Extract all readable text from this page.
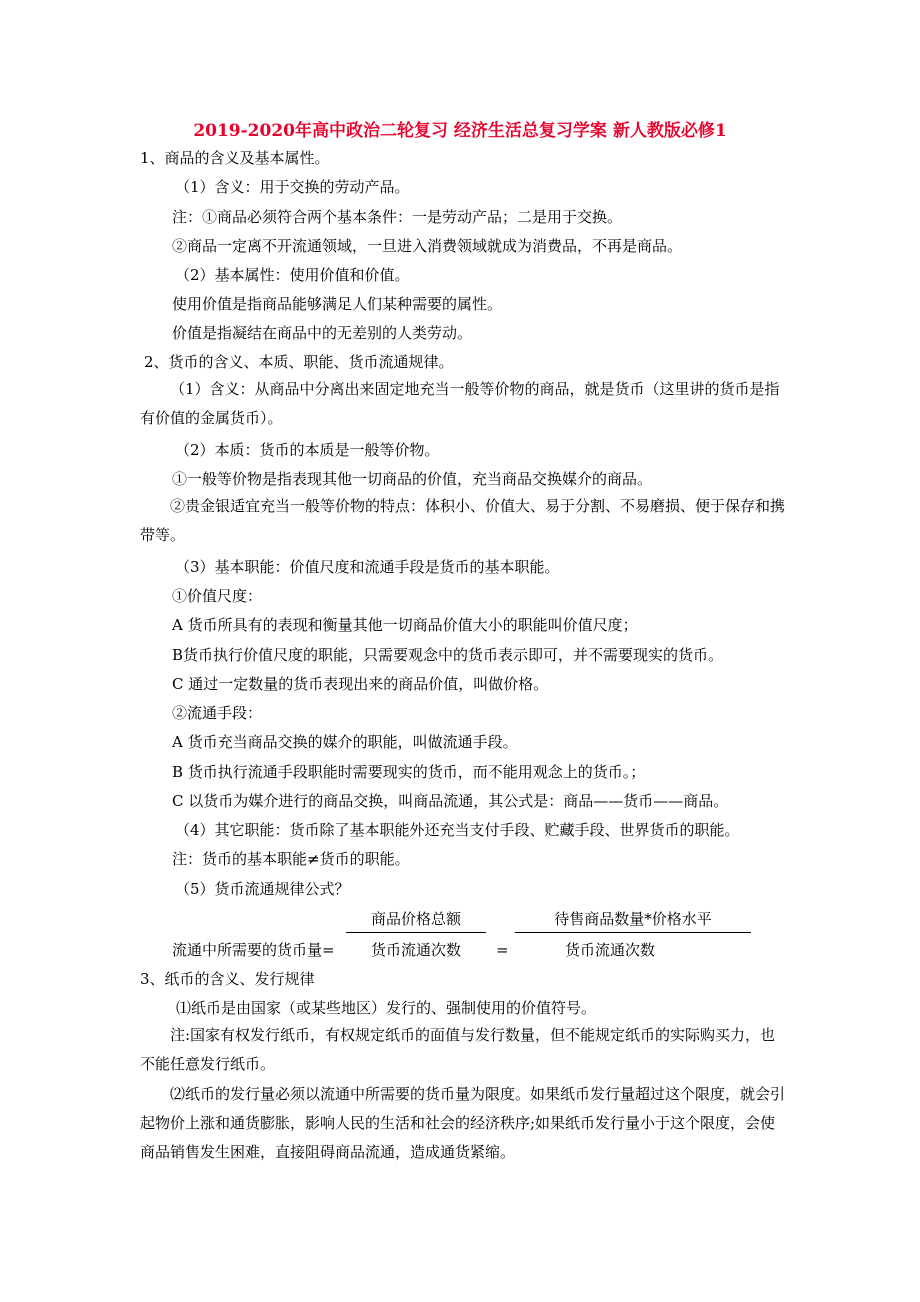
2019-2020年高中政治二轮复习 经济生活总复习学案 新人教版必修1
1、商品的含义及基本属性。
（1）含义：用于交换的劳动产品。
注：①商品必须符合两个基本条件：一是劳动产品；二是用于交换。
②商品一定离不开流通领域，一旦进入消费领域就成为消费品，不再是商品。
（2）基本属性：使用价值和价值。
使用价值是指商品能够满足人们某种需要的属性。
价值是指凝结在商品中的无差别的人类劳动。
2、货币的含义、本质、职能、货币流通规律。
（1）含义：从商品中分离出来固定地充当一般等价物的商品，就是货币（这里讲的货币是指有价值的金属货币）。
（2）本质：货币的本质是一般等价物。
①一般等价物是指表现其他一切商品的价值，充当商品交换媒介的商品。
②贵金银适宜充当一般等价物的特点：体积小、价值大、易于分割、不易磨损、便于保存和携带等。
（3）基本职能：价值尺度和流通手段是货币的基本职能。
①价值尺度：
A 货币所具有的表现和衡量其他一切商品价值大小的职能叫价值尺度；
B货币执行价值尺度的职能，只需要观念中的货币表示即可，并不需要现实的货币。
C 通过一定数量的货币表现出来的商品价值，叫做价格。
②流通手段：
A 货币充当商品交换的媒介的职能，叫做流通手段。
B 货币执行流通手段职能时需要现实的货币，而不能用观念上的货币。；
C 以货币为媒介进行的商品交换，叫商品流通，其公式是：商品——货币——商品。
（4）其它职能：货币除了基本职能外还充当支付手段、贮藏手段、世界货币的职能。
注：货币的基本职能≠货币的职能。
（5）货币流通规律公式？
商品价格总额	待售商品数量*价格水平
流通中所需要的货币量=	货币流通次数	=	货币流通次数
3、纸币的含义、发行规律
⑴纸币是由国家（或某些地区）发行的、强制使用的价值符号。
注:国家有权发行纸币，有权规定纸币的面值与发行数量，但不能规定纸币的实际购买力，也不能任意发行纸币。
⑵纸币的发行量必须以流通中所需要的货币量为限度。如果纸币发行量超过这个限度，就会引起物价上涨和通货膨胀，影响人民的生活和社会的经济秩序;如果纸币发行量小于这个限度，会使商品销售发生困难，直接阻碍商品流通，造成通货紧缩。
